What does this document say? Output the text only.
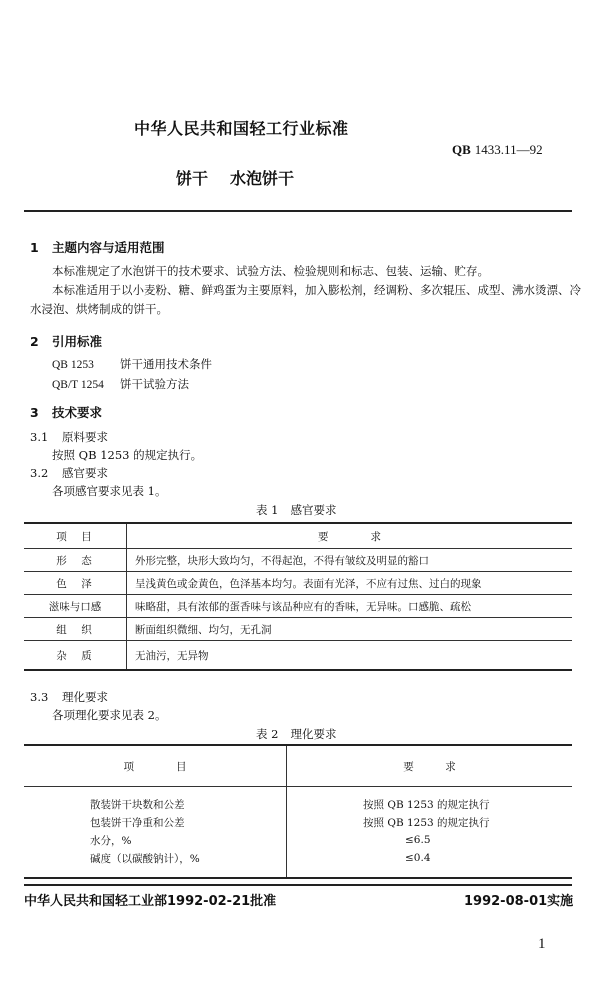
中华人民共和国轻工行业标准
QB 1433.11—92
饼干 水泡饼干
1 主题内容与适用范围
本标准规定了水泡饼干的技术要求、试验方法、检验规则和标志、包装、运输、贮存。
本标准适用于以小麦粉、糖、鲜鸡蛋为主要原料，加入膨松剂，经调粉、多次辊压、成型、沸水烫漂、冷
水浸泡、烘烤制成的饼干。
2 引用标准
QB 1253 饼干通用技术条件
QB/T 1254 饼干试验方法
3 技术要求
3.1 原料要求
按照 QB 1253 的规定执行。
3.2 感官要求
各项感官要求见表 1。
表 1 感官要求
项　目	要　　　　求
形　态	外形完整，块形大致均匀，不得起泡，不得有皱纹及明显的豁口
色　泽	呈浅黄色或金黄色，色泽基本均匀。表面有光泽，不应有过焦、过白的现象
滋味与口感	味略甜，具有浓郁的蛋香味与该品种应有的香味，无异味。口感脆、疏松
组　织	断面组织微细、均匀，无孔洞
杂　质	无油污，无异物
3.3 理化要求
各项理化要求见表 2。
表 2 理化要求
项　　　　目	要　　　求
散装饼干块数和公差	按照 QB 1253 的规定执行
包装饼干净重和公差	按照 QB 1253 的规定执行
水分，%	≤6.5
碱度（以碳酸钠计），%	≤0.4
中华人民共和国轻工业部1992-02-21批准	1992-08-01实施
1
